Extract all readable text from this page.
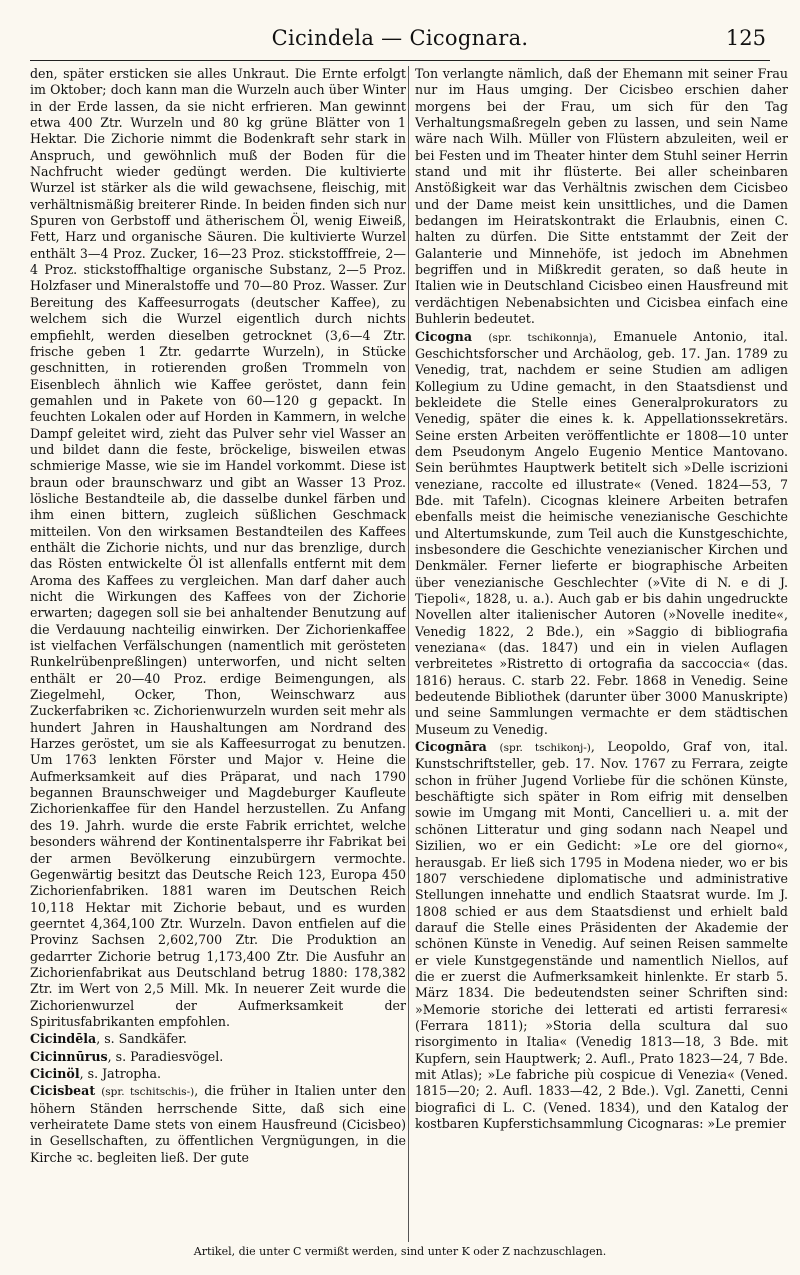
Cicindela — Cicognara.	125

den, später ersticken sie alles Unkraut. Die Ernte erfolgt im Oktober; doch kann man die Wurzeln auch über Winter in der Erde lassen, da sie nicht erfrieren. Man gewinnt etwa 400 Ztr. Wurzeln und 80 kg grüne Blätter von 1 Hektar. Die Zichorie nimmt die Bodenkraft sehr stark in Anspruch, und gewöhnlich muß der Boden für die Nachfrucht wieder gedüngt werden. Die kultivierte Wurzel ist stärker als die wild gewachsene, fleischig, mit verhältnismäßig breiterer Rinde. In beiden finden sich nur Spuren von Gerbstoff und ätherischem Öl, wenig Eiweiß, Fett, Harz und organische Säuren. Die kultivierte Wurzel enthält 3—4 Proz. Zucker, 16—23 Proz. stickstofffreie, 2—4 Proz. stickstoffhaltige organische Substanz, 2—5 Proz. Holzfaser und Mineralstoffe und 70—80 Proz. Wasser. Zur Bereitung des Kaffeesurrogats (deutscher Kaffee), zu welchem sich die Wurzel eigentlich durch nichts empfiehlt, werden dieselben getrocknet (3,6—4 Ztr. frische geben 1 Ztr. gedarrte Wurzeln), in Stücke geschnitten, in rotierenden großen Trommeln von Eisenblech ähnlich wie Kaffee geröstet, dann fein gemahlen und in Pakete von 60—120 g gepackt. In feuchten Lokalen oder auf Horden in Kammern, in welche Dampf geleitet wird, zieht das Pulver sehr viel Wasser an und bildet dann die feste, bröckelige, bisweilen etwas schmierige Masse, wie sie im Handel vorkommt. Diese ist braun oder braunschwarz und gibt an Wasser 13 Proz. lösliche Bestandteile ab, die dasselbe dunkel färben und ihm einen bittern, zugleich süßlichen Geschmack mitteilen. Von den wirksamen Bestandteilen des Kaffees enthält die Zichorie nichts, und nur das brenzlige, durch das Rösten entwickelte Öl ist allenfalls entfernt mit dem Aroma des Kaffees zu vergleichen. Man darf daher auch nicht die Wirkungen des Kaffees von der Zichorie erwarten; dagegen soll sie bei anhaltender Benutzung auf die Verdauung nachteilig einwirken. Der Zichorienkaffee ist vielfachen Verfälschungen (namentlich mit gerösteten Runkelrübenpreßlingen) unterworfen, und nicht selten enthält er 20—40 Proz. erdige Beimengungen, als Ziegelmehl, Ocker, Thon, Weinschwarz aus Zuckerfabriken ꝛc. Zichorienwurzeln wurden seit mehr als hundert Jahren in Haushaltungen am Nordrand des Harzes geröstet, um sie als Kaffeesurrogat zu benutzen. Um 1763 lenkten Förster und Major v. Heine die Aufmerksamkeit auf dies Präparat, und nach 1790 begannen Braunschweiger und Magdeburger Kaufleute Zichorienkaffee für den Handel herzustellen. Zu Anfang des 19. Jahrh. wurde die erste Fabrik errichtet, welche besonders während der Kontinentalsperre ihr Fabrikat bei der armen Bevölkerung einzubürgern vermochte. Gegenwärtig besitzt das Deutsche Reich 123, Europa 450 Zichorienfabriken. 1881 waren im Deutschen Reich 10,118 Hektar mit Zichorie bebaut, und es wurden geerntet 4,364,100 Ztr. Wurzeln. Davon entfielen auf die Provinz Sachsen 2,602,700 Ztr. Die Produktion an gedarrter Zichorie betrug 1,173,400 Ztr. Die Ausfuhr an Zichorienfabrikat aus Deutschland betrug 1880: 178,382 Ztr. im Wert von 2,5 Mill. Mk. In neuerer Zeit wurde die Zichorienwurzel der Aufmerksamkeit der Spiritusfabrikanten empfohlen.

Cicindēla, s. Sandkäfer.

Cicinnūrus, s. Paradiesvögel.

Cicinöl, s. Jatropha.

Cicisbeat (spr. tschitschis-), die früher in Italien unter den höhern Ständen herrschende Sitte, daß sich eine verheiratete Dame stets von einem Hausfreund (Cicisbeo) in Gesellschaften, zu öffentlichen Vergnügungen, in die Kirche ꝛc. begleiten ließ. Der gute

Ton verlangte nämlich, daß der Ehemann mit seiner Frau nur im Haus umging. Der Cicisbeo erschien daher morgens bei der Frau, um sich für den Tag Verhaltungsmaßregeln geben zu lassen, und sein Name wäre nach Wilh. Müller von Flüstern abzuleiten, weil er bei Festen und im Theater hinter dem Stuhl seiner Herrin stand und mit ihr flüsterte. Bei aller scheinbaren Anstößigkeit war das Verhältnis zwischen dem Cicisbeo und der Dame meist kein unsittliches, und die Damen bedangen im Heiratskontrakt die Erlaubnis, einen C. halten zu dürfen. Die Sitte entstammt der Zeit der Galanterie und Minnehöfe, ist jedoch im Abnehmen begriffen und in Mißkredit geraten, so daß heute in Italien wie in Deutschland Cicisbeo einen Hausfreund mit verdächtigen Nebenabsichten und Cicisbea einfach eine Buhlerin bedeutet.

Cicogna (spr. tschikonnja), Emanuele Antonio, ital. Geschichtsforscher und Archäolog, geb. 17. Jan. 1789 zu Venedig, trat, nachdem er seine Studien am adligen Kollegium zu Udine gemacht, in den Staatsdienst und bekleidete die Stelle eines Generalprokurators zu Venedig, später die eines k. k. Appellationssekretärs. Seine ersten Arbeiten veröffentlichte er 1808—10 unter dem Pseudonym Angelo Eugenio Mentice Mantovano. Sein berühmtes Hauptwerk betitelt sich »Delle iscrizioni veneziane, raccolte ed illustrate« (Vened. 1824—53, 7 Bde. mit Tafeln). Cicognas kleinere Arbeiten betrafen ebenfalls meist die heimische venezianische Geschichte und Altertumskunde, zum Teil auch die Kunstgeschichte, insbesondere die Geschichte venezianischer Kirchen und Denkmäler. Ferner lieferte er biographische Arbeiten über venezianische Geschlechter (»Vite di N. e di J. Tiepoli«, 1828, u. a.). Auch gab er bis dahin ungedruckte Novellen alter italienischer Autoren (»Novelle inedite«, Venedig 1822, 2 Bde.), ein »Saggio di bibliografia veneziana« (das. 1847) und ein in vielen Auflagen verbreitetes »Ristretto di ortografia da saccoccia« (das. 1816) heraus. C. starb 22. Febr. 1868 in Venedig. Seine bedeutende Bibliothek (darunter über 3000 Manuskripte) und seine Sammlungen vermachte er dem städtischen Museum zu Venedig.

Cicognāra (spr. tschikonj-), Leopoldo, Graf von, ital. Kunstschriftsteller, geb. 17. Nov. 1767 zu Ferrara, zeigte schon in früher Jugend Vorliebe für die schönen Künste, beschäftigte sich später in Rom eifrig mit denselben sowie im Umgang mit Monti, Cancellieri u. a. mit der schönen Litteratur und ging sodann nach Neapel und Sizilien, wo er ein Gedicht: »Le ore del giorno«, herausgab. Er ließ sich 1795 in Modena nieder, wo er bis 1807 verschiedene diplomatische und administrative Stellungen innehatte und endlich Staatsrat wurde. Im J. 1808 schied er aus dem Staatsdienst und erhielt bald darauf die Stelle eines Präsidenten der Akademie der schönen Künste in Venedig. Auf seinen Reisen sammelte er viele Kunstgegenstände und namentlich Niellos, auf die er zuerst die Aufmerksamkeit hinlenkte. Er starb 5. März 1834. Die bedeutendsten seiner Schriften sind: »Memorie storiche dei letterati ed artisti ferraresi« (Ferrara 1811); »Storia della scultura dal suo risorgimento in Italia« (Venedig 1813—18, 3 Bde. mit Kupfern, sein Hauptwerk; 2. Aufl., Prato 1823—24, 7 Bde. mit Atlas); »Le fabriche più cospicue di Venezia« (Vened. 1815—20; 2. Aufl. 1833—42, 2 Bde.). Vgl. Zanetti, Cenni biografici di L. C. (Vened. 1834), und den Katalog der kostbaren Kupferstichsammlung Cicognaras: »Le premier

Artikel, die unter C vermißt werden, sind unter K oder Z nachzuschlagen.
